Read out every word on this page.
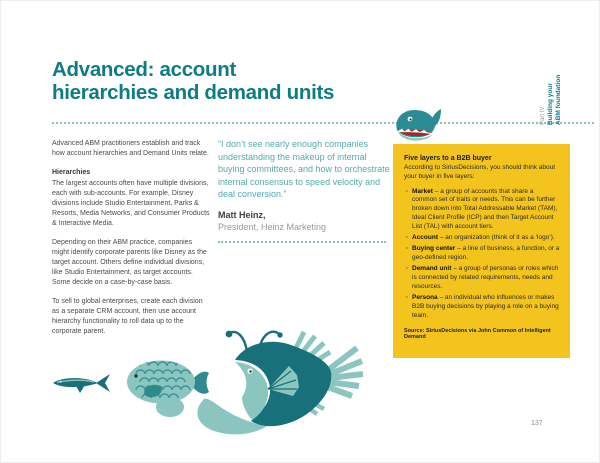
Advanced: account
hierarchies and demand units

Advanced ABM practitioners establish and track how account hierarchies and Demand Units relate.

Hierarchies

The largest accounts often have multiple divisions, each with sub-accounts. For example, Disney divisions include Studio Entertainment, Parks & Resorts, Media Networks, and Consumer Products & Interactive Media.

Depending on their ABM practice, companies might identify corporate parents like Disney as the target account. Others define individual divisions, like Studio Entertainment, as target accounts. Some decide on a case-by-case basis.

To sell to global enterprises, create each division as a separate CRM account, then use account hierarchy functionality to roll data up to the corporate parent.

“I don’t see nearly enough companies understanding the makeup of internal buying committees, and how to orchestrate internal consensus to speed velocity and deal conversion.”

Matt Heinz,

President, Heinz Marketing

Five layers to a B2B buyer

According to SiriusDecisions, you should think about your buyer in five layers:

· Market – a group of accounts that share a common set of traits or needs. This can be further broken down into Total Addressable Market (TAM), Ideal Client Profile (ICP) and then Target Account List (TAL) with account tiers.
· Account – an organization (think of it as a ‘logo’).
· Buying center – a line of business, a function, or a geo-defined region.
· Demand unit – a group of personas or roles which is connected by related requirements, needs and resources.
· Persona – an individual who influences or makes B2B buying decisions by playing a role on a buying team.

Source: SiriusDecisions via John Common of Intelligent Demand

Part IV Building your ABM foundation
137
